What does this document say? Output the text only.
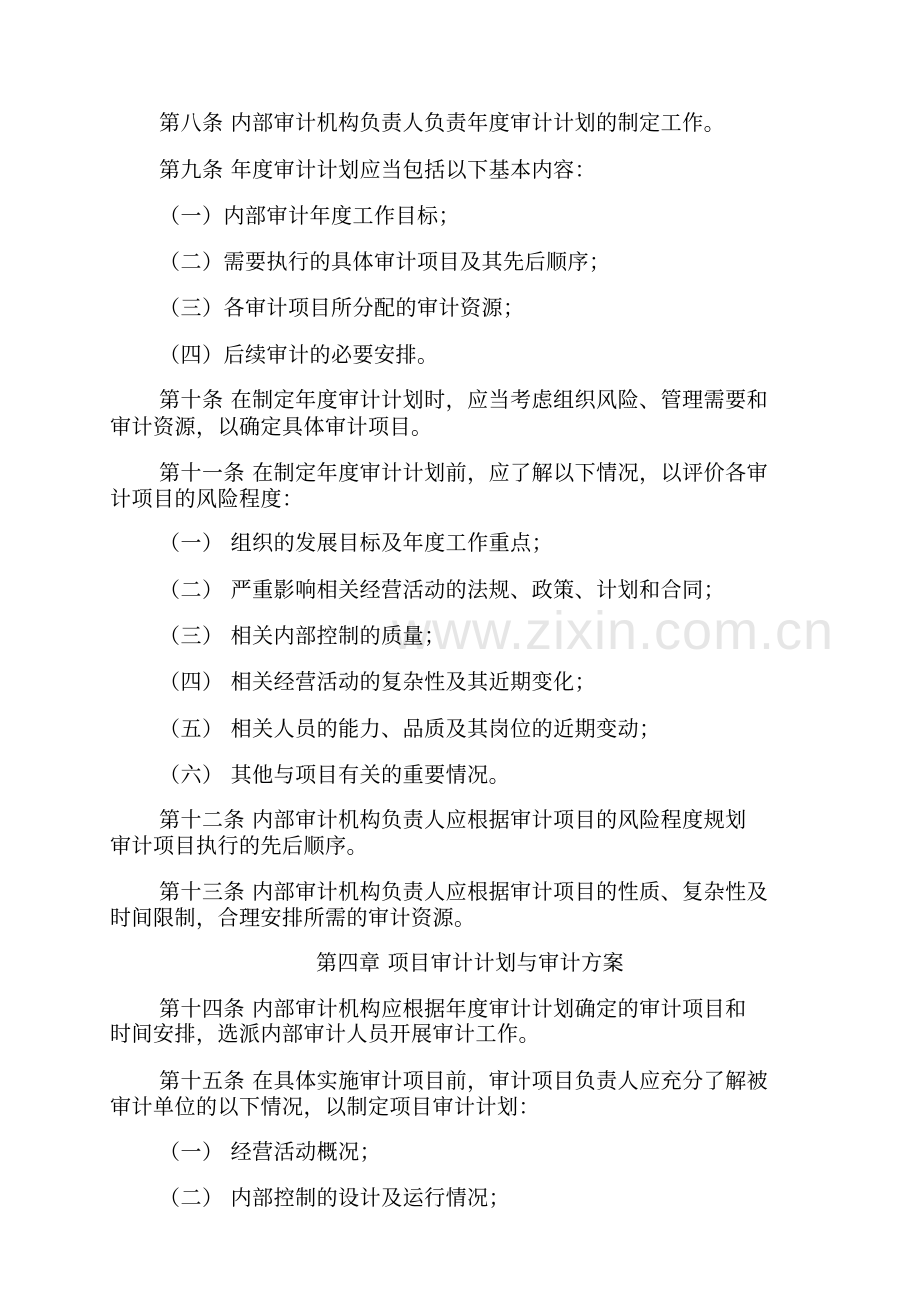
www.zixin.com.cn
第八条 内部审计机构负责人负责年度审计计划的制定工作。
第九条 年度审计计划应当包括以下基本内容：
（一）内部审计年度工作目标；
（二）需要执行的具体审计项目及其先后顺序；
（三）各审计项目所分配的审计资源；
（四）后续审计的必要安排。
第十条 在制定年度审计计划时，应当考虑组织风险、管理需要和
审计资源，以确定具体审计项目。
第十一条 在制定年度审计计划前，应了解以下情况，以评价各审
计项目的风险程度：
（一） 组织的发展目标及年度工作重点；
（二） 严重影响相关经营活动的法规、政策、计划和合同；
（三） 相关内部控制的质量；
（四） 相关经营活动的复杂性及其近期变化；
（五） 相关人员的能力、品质及其岗位的近期变动；
（六） 其他与项目有关的重要情况。
第十二条 内部审计机构负责人应根据审计项目的风险程度规划
审计项目执行的先后顺序。
第十三条 内部审计机构负责人应根据审计项目的性质、复杂性及
时间限制，合理安排所需的审计资源。
第四章 项目审计计划与审计方案
第十四条 内部审计机构应根据年度审计计划确定的审计项目和
时间安排，选派内部审计人员开展审计工作。
第十五条 在具体实施审计项目前，审计项目负责人应充分了解被
审计单位的以下情况，以制定项目审计计划：
（一） 经营活动概况；
（二） 内部控制的设计及运行情况；
